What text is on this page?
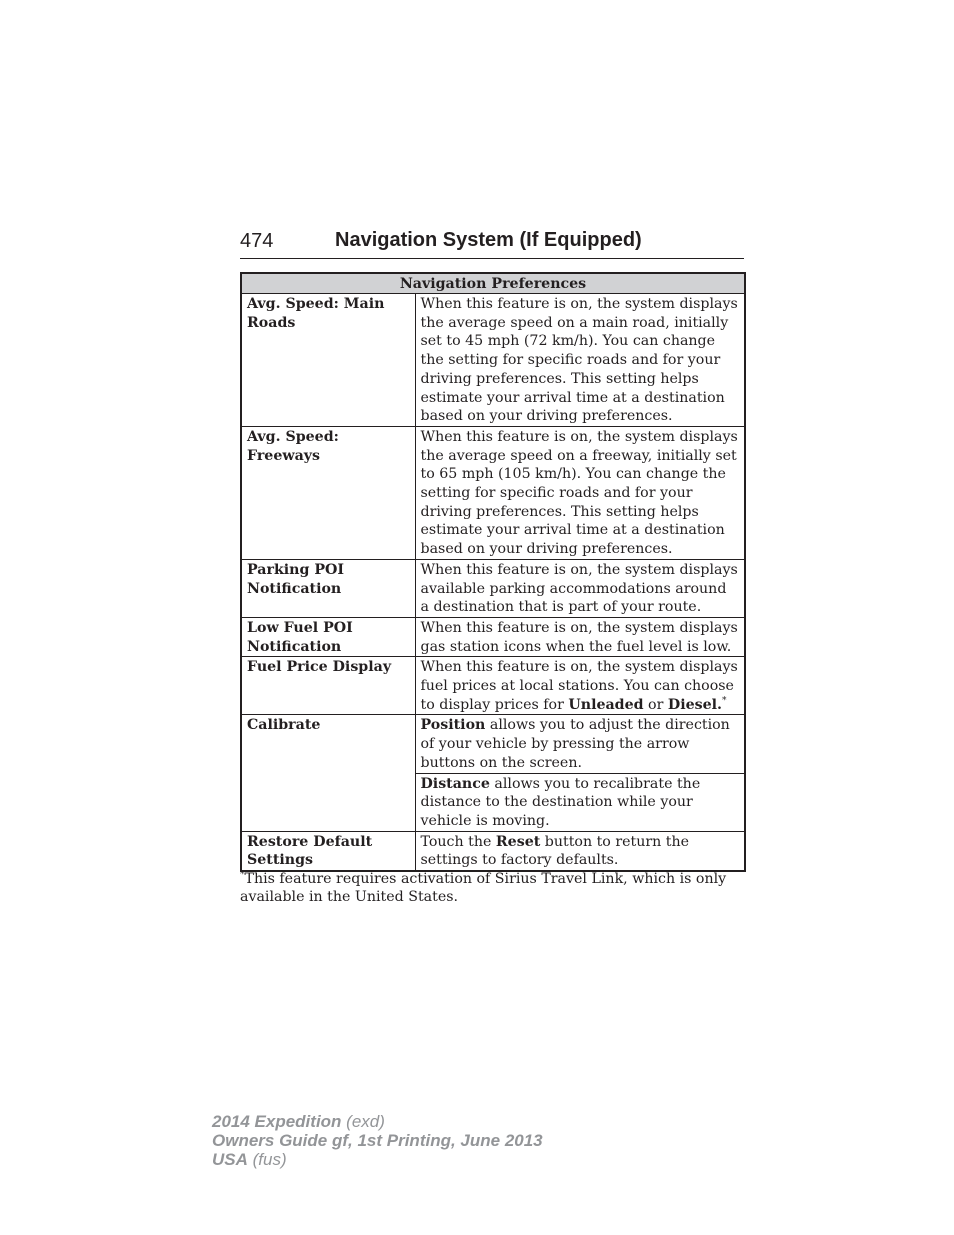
474	Navigation System (If Equipped)
Navigation Preferences	
Avg. Speed: Main Roads	When this feature is on, the system displays the average speed on a main road, initially set to 45 mph (72 km/h). You can change the setting for specific roads and for your driving preferences. This setting helps estimate your arrival time at a destination based on your driving preferences.
Avg. Speed: Freeways	When this feature is on, the system displays the average speed on a freeway, initially set to 65 mph (105 km/h). You can change the setting for specific roads and for your driving preferences. This setting helps estimate your arrival time at a destination based on your driving preferences.
Parking POI Notification	When this feature is on, the system displays available parking accommodations around a destination that is part of your route.
Low Fuel POI Notification	When this feature is on, the system displays gas station icons when the fuel level is low.
Fuel Price Display	When this feature is on, the system displays fuel prices at local stations. You can choose to display prices for Unleaded or Diesel.*
Calibrate	Position allows you to adjust the direction of your vehicle by pressing the arrow buttons on the screen.
	Distance allows you to recalibrate the distance to the destination while your vehicle is moving.
Restore Default Settings	Touch the Reset button to return the settings to factory defaults.
*This feature requires activation of Sirius Travel Link, which is only available in the United States.
2014 Expedition (exd)
Owners Guide gf, 1st Printing, June 2013
USA (fus)
